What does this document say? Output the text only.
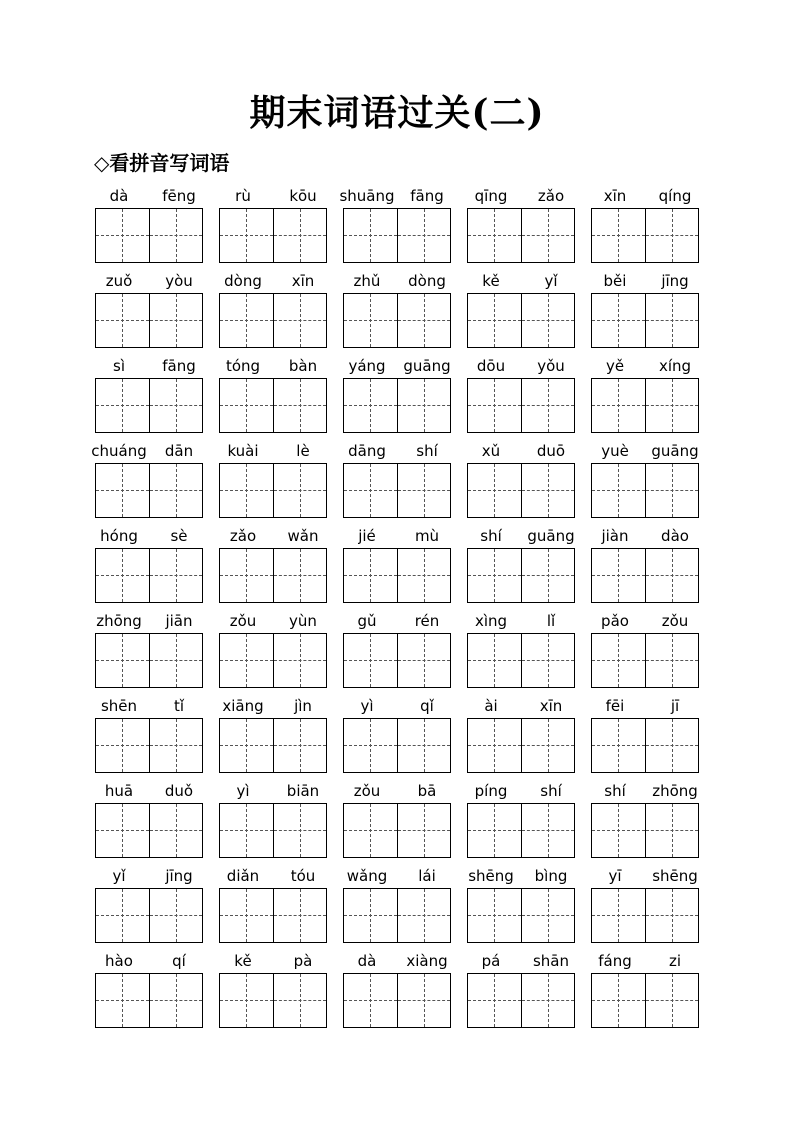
期末词语过关(二)
◇看拼音写词语
dà	fēng	rù	kōu	shuāng	fāng	qīng	zǎo	xīn	qíng
zuǒ	yòu	dòng	xīn	zhǔ	dòng	kě	yǐ	běi	jīng
sì	fāng	tóng	bàn	yáng	guāng	dōu	yǒu	yě	xíng
chuáng	dān	kuài	lè	dāng	shí	xǔ	duō	yuè	guāng
hóng	sè	zǎo	wǎn	jié	mù	shí	guāng	jiàn	dào
zhōng	jiān	zǒu	yùn	gǔ	rén	xìng	lǐ	pǎo	zǒu
shēn	tǐ	xiāng	jìn	yì	qǐ	ài	xīn	fēi	jī
huā	duǒ	yì	biān	zǒu	bā	píng	shí	shí	zhōng
yǐ	jīng	diǎn	tóu	wǎng	lái	shēng	bìng	yī	shēng
hào	qí	kě	pà	dà	xiàng	pá	shān	fáng	zi
